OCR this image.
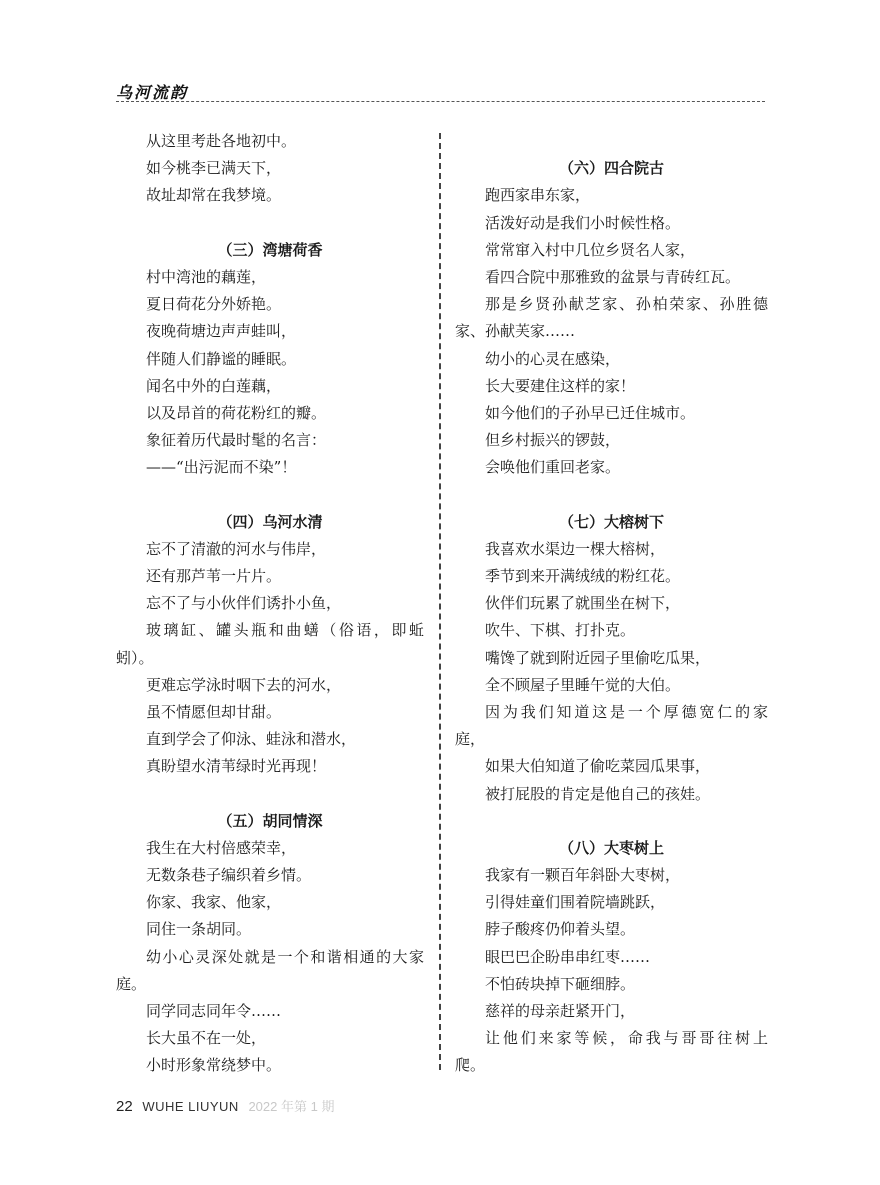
乌河流韵
从这里考赴各地初中。
如今桃李已满天下，
故址却常在我梦境。
（三）湾塘荷香
村中湾池的藕莲，
夏日荷花分外娇艳。
夜晚荷塘边声声蛙叫，
伴随人们静谧的睡眠。
闻名中外的白莲藕，
以及昂首的荷花粉红的瓣。
象征着历代最时髦的名言：
——“出污泥而不染”！
（四）乌河水清
忘不了清澈的河水与伟岸，
还有那芦苇一片片。
忘不了与小伙伴们诱扑小鱼，
玻璃缸、罐头瓶和曲蟮（俗语，即蚯
蚓）。
更难忘学泳时咽下去的河水，
虽不情愿但却甘甜。
直到学会了仰泳、蛙泳和潜水，
真盼望水清苇绿时光再现！
（五）胡同情深
我生在大村倍感荣幸，
无数条巷子编织着乡情。
你家、我家、他家，
同住一条胡同。
幼小心灵深处就是一个和谐相通的大家
庭。
同学同志同年令……
长大虽不在一处，
小时形象常绕梦中。
（六）四合院古
跑西家串东家，
活泼好动是我们小时候性格。
常常窜入村中几位乡贤名人家，
看四合院中那雅致的盆景与青砖红瓦。
那是乡贤孙献芝家、孙柏荣家、孙胜德
家、孙献芙家……
幼小的心灵在感染，
长大要建住这样的家！
如今他们的子孙早已迁住城市。
但乡村振兴的锣鼓，
会唤他们重回老家。
（七）大榕树下
我喜欢水渠边一棵大榕树，
季节到来开满绒绒的粉红花。
伙伴们玩累了就围坐在树下，
吹牛、下棋、打扑克。
嘴馋了就到附近园子里偷吃瓜果，
全不顾屋子里睡午觉的大伯。
因为我们知道这是一个厚德宽仁的家
庭，
如果大伯知道了偷吃菜园瓜果事，
被打屁股的肯定是他自己的孩娃。
（八）大枣树上
我家有一颗百年斜卧大枣树，
引得娃童们围着院墙跳跃，
脖子酸疼仍仰着头望。
眼巴巴企盼串串红枣……
不怕砖块掉下砸细脖。
慈祥的母亲赶紧开门，
让他们来家等候，命我与哥哥往树上
爬。
22 WUHE LIUYUN 2022 年第 1 期
